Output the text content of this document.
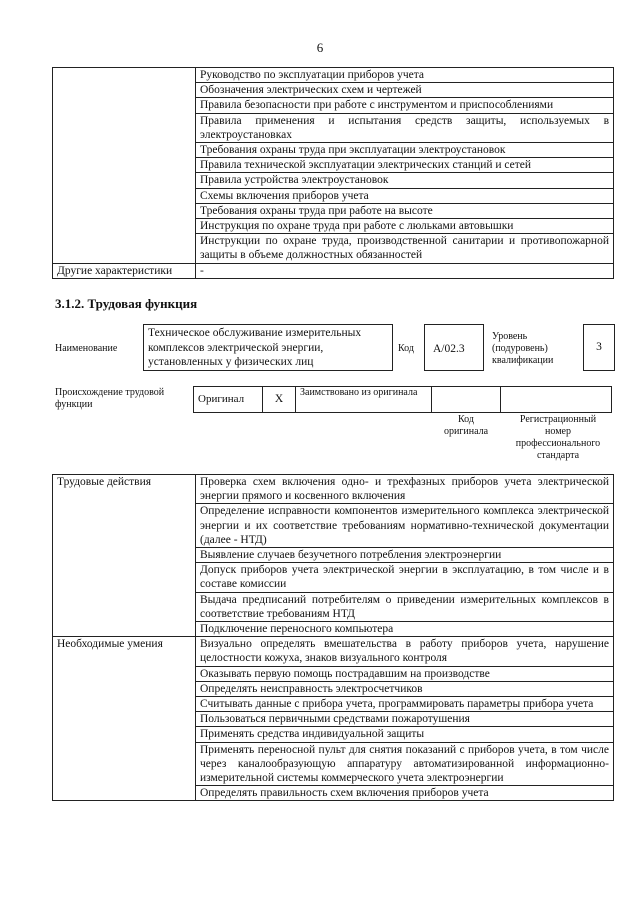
6
	Руководство по эксплуатации приборов учета
	Обозначения электрических схем и чертежей
	Правила безопасности при работе с инструментом и приспособлениями
	Правила применения и испытания средств защиты, используемых в электроустановках
	Требования охраны труда при эксплуатации электроустановок
	Правила технической эксплуатации электрических станций и сетей
	Правила устройства электроустановок
	Схемы включения приборов учета
	Требования охраны труда при работе на высоте
	Инструкция по охране труда при работе с люльками автовышки
	Инструкции по охране труда, производственной санитарии и противопожарной защиты в объеме должностных обязанностей
Другие характеристики	-
3.1.2. Трудовая функция
Наименование
Техническое обслуживание измерительных комплексов электрической энергии, установленных у физических лиц
Код	А/02.3
Уровень (подуровень) квалификации
3
Происхождение трудовой функции	Оригинал	Х	Заимствовано из оригинала		
Код оригинала
Регистрационный номер профессионального стандарта
Трудовые действия	Проверка схем включения одно- и трехфазных приборов учета электрической энергии прямого и косвенного включения
	Определение исправности компонентов измерительного комплекса электрической энергии и их соответствие требованиям нормативно-технической документации (далее - НТД)
	Выявление случаев безучетного потребления электроэнергии
	Допуск приборов учета электрической энергии в эксплуатацию, в том числе и в составе комиссии
	Выдача предписаний потребителям о приведении измерительных комплексов в соответствие требованиям НТД
	Подключение переносного компьютера
Необходимые умения	Визуально определять вмешательства в работу приборов учета, нарушение целостности кожуха, знаков визуального контроля
	Оказывать первую помощь пострадавшим на производстве
	Определять неисправность электросчетчиков
	Считывать данные с прибора учета, программировать параметры прибора учета
	Пользоваться первичными средствами пожаротушения
	Применять средства индивидуальной защиты
	Применять переносной пульт для снятия показаний с приборов учета, в том числе через каналообразующую аппаратуру автоматизированной информационно-измерительной системы коммерческого учета электроэнергии
	Определять правильность схем включения приборов учета
